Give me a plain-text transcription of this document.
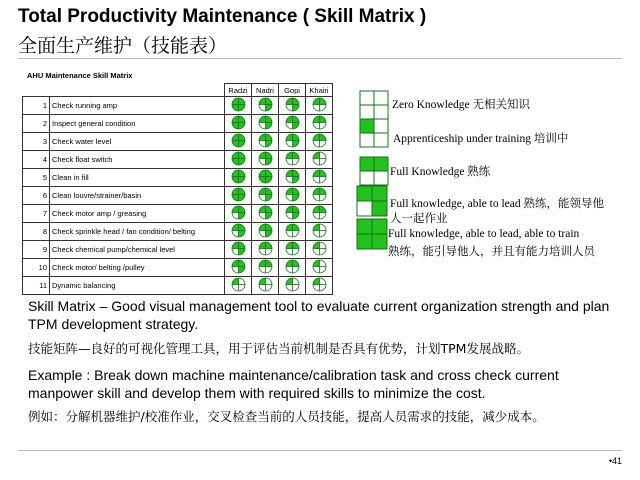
Total Productivity Maintenance ( Skill Matrix )
全面生产维护（技能表）
AHU Maintenance Skill Matrix
		Radzi	Nadri	Gopi	Khairi
1	Check running amp				
2	Inspect general condition				
3	Check water level				
4	Check float switch				
5	Clean in fill				
6	Clean louvre/strainer/basin				
7	Check motor amp / greasing				
8	Check sprinkle head / fan condition/ belting				
9	Check chemical pump/chemical level				
10	Check motor/ belting /pulley				
11	Dynamic balancing				
Zero Knowledge 无相关知识
Apprenticeship under training 培训中
Full Knowledge 熟练
Full knowledge, able to lead 熟练，能领导他
人一起作业
Full knowledge, able to lead, able to train
熟练，能引导他人，并且有能力培训人员
Skill Matrix – Good visual management tool to evaluate current organization strength and plan TPM development strategy.
技能矩阵—良好的可视化管理工具，用于评估当前机制是否具有优势，计划TPM发展战略。
Example : Break down machine maintenance/calibration task and cross check current manpower skill and develop them with required skills to minimize the cost.
例如：分解机器维护/校准作业，交叉检查当前的人员技能，提高人员需求的技能，减少成本。
•41
